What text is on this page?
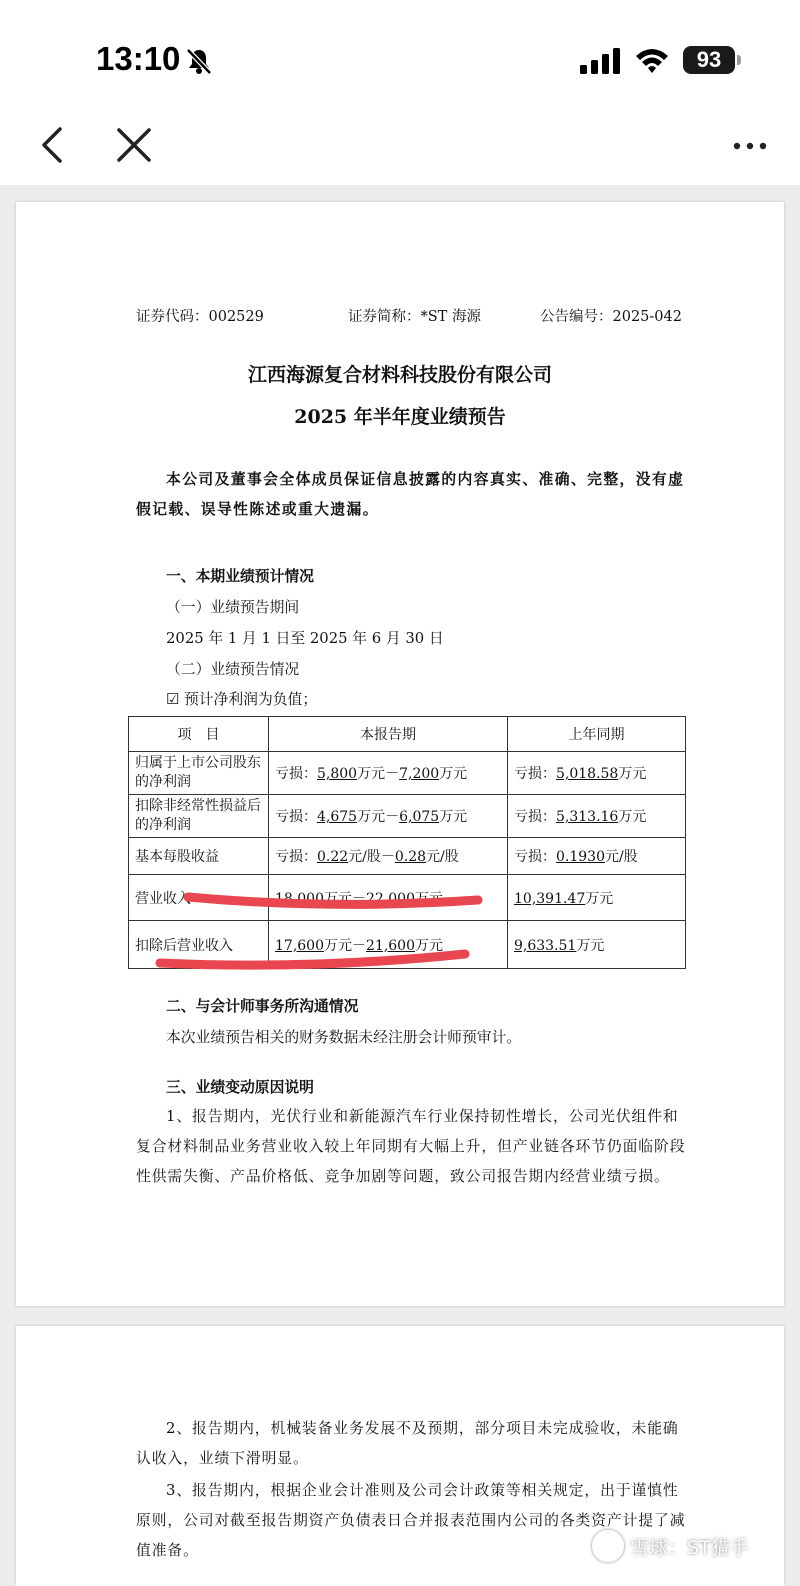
13:10	93
证券代码：002529	证券简称：*ST 海源	公告编号：2025-042
江西海源复合材料科技股份有限公司
2025 年半年度业绩预告
本公司及董事会全体成员保证信息披露的内容真实、准确、完整，没有虚假记载、误导性陈述或重大遗漏。
一、本期业绩预计情况
（一）业绩预告期间
2025 年 1 月 1 日至 2025 年 6 月 30 日
（二）业绩预告情况
☑ 预计净利润为负值；
项　目	本报告期	上年同期
归属于上市公司股东的净利润	亏损：5,800万元－7,200万元	亏损：5,018.58万元
扣除非经常性损益后的净利润	亏损：4,675万元－6,075万元	亏损：5,313.16万元
基本每股收益	亏损：0.22元/股－0.28元/股	亏损：0.1930元/股
营业收入	18,000万元－22,000万元	10,391.47万元
扣除后营业收入	17,600万元－21,600万元	9,633.51万元
二、与会计师事务所沟通情况
本次业绩预告相关的财务数据未经注册会计师预审计。
三、业绩变动原因说明
1、报告期内，光伏行业和新能源汽车行业保持韧性增长，公司光伏组件和复合材料制品业务营业收入较上年同期有大幅上升，但产业链各环节仍面临阶段性供需失衡、产品价格低、竞争加剧等问题，致公司报告期内经营业绩亏损。
2、报告期内，机械装备业务发展不及预期，部分项目未完成验收，未能确认收入，业绩下滑明显。
3、报告期内，根据企业会计准则及公司会计政策等相关规定，出于谨慎性原则，公司对截至报告期资产负债表日合并报表范围内公司的各类资产计提了减值准备。	雪球：ST猎手
